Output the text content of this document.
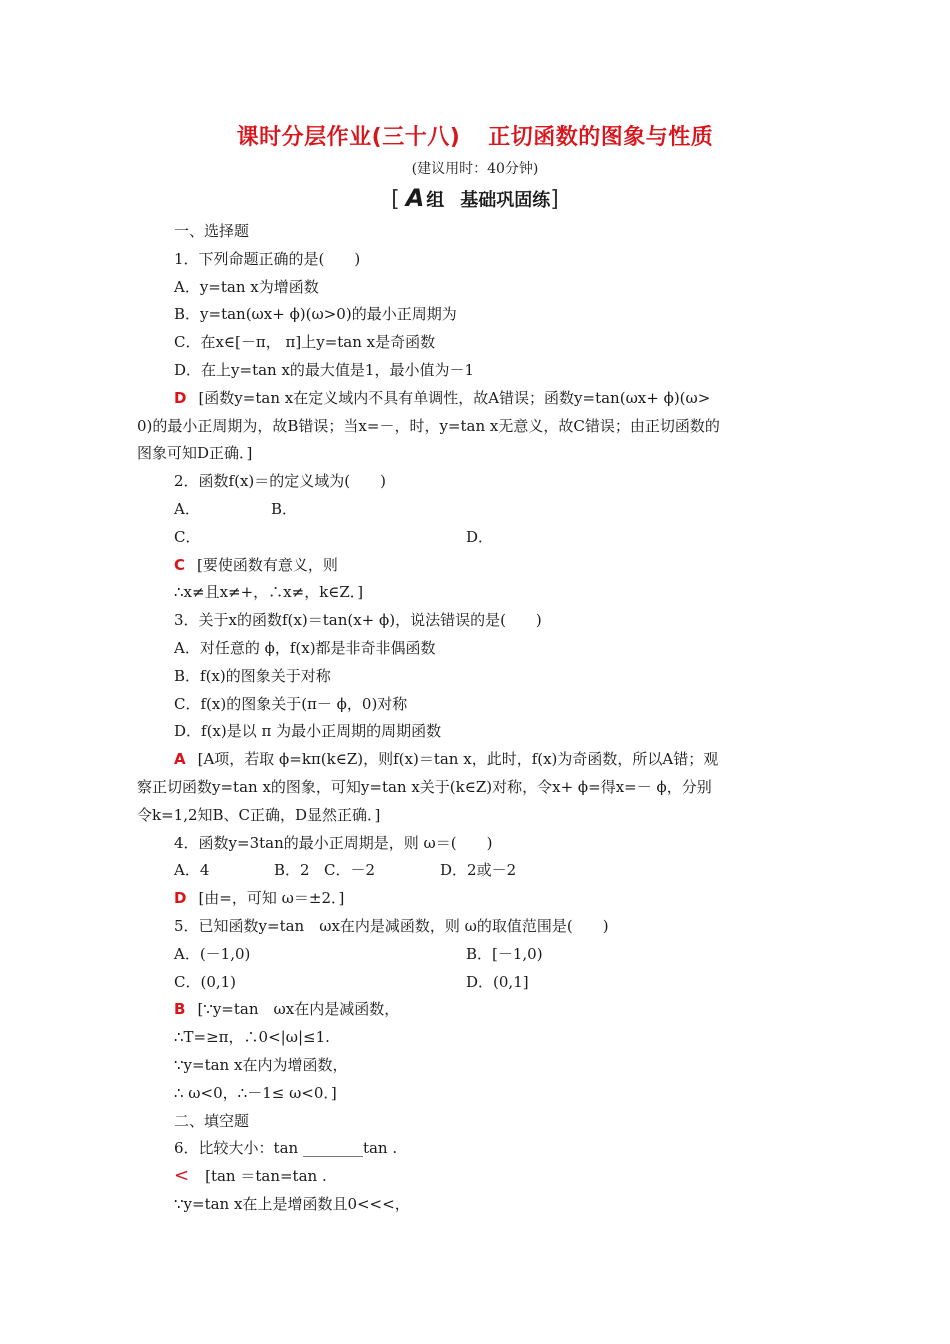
课时分层作业(三十八) 正切函数的图象与性质
(建议用时：40分钟)
[ A 组 基础巩固练]
一、选择题
1．下列命题正确的是(　　)
A．y=tan x为增函数
B．y=tan(ωx+ ϕ)(ω>0)的最小正周期为
C．在x∈[－π， π]上y=tan x是奇函数
D．在上y=tan x的最大值是1，最小值为－1
D [函数y=tan x在定义域内不具有单调性，故A错误；函数y=tan(ωx+ ϕ)(ω>
0)的最小正周期为，故B错误；当x=－，时，y=tan x无意义，故C错误；由正切函数的
图象可知D正确．]
2．函数f(x)＝的定义域为(　　)
A．	B．
C．	D．
C [要使函数有意义，则
∴x≠且x≠+，∴x≠，k∈Z．]
3．关于x的函数f(x)＝tan(x+ ϕ)，说法错误的是(　　)
A．对任意的 ϕ，f(x)都是非奇非偶函数
B．f(x)的图象关于对称
C．f(x)的图象关于(π－ ϕ，0)对称
D．f(x)是以 π 为最小正周期的周期函数
A [A项，若取 ϕ=kπ(k∈Z)，则f(x)＝tan x，此时，f(x)为奇函数，所以A错；观
察正切函数y=tan x的图象，可知y=tan x关于(k∈Z)对称，令x+ ϕ=得x=－ ϕ，分别
令k=1,2知B、C正确，D显然正确．]
4．函数y=3tan的最小正周期是，则 ω＝(　　)
A．4	B．2 C．－2	D．2或－2
D [由=，可知 ω＝±2．]
5．已知函数y=tan　ωx在内是减函数，则 ω的取值范围是(　　)
A．(－1,0)	B．[－1,0)
C．(0,1)	D．(0,1]
B [∵y=tan　ωx在内是减函数，
∴T=≥π，∴0<|ω|≤1.
∵y=tan x在内为增函数，
∴ ω<0，∴－1≤ ω<0．]
二、填空题
6．比较大小：tan ________tan .
< [tan ＝tan=tan .
∵y=tan x在上是增函数且0<<<，
